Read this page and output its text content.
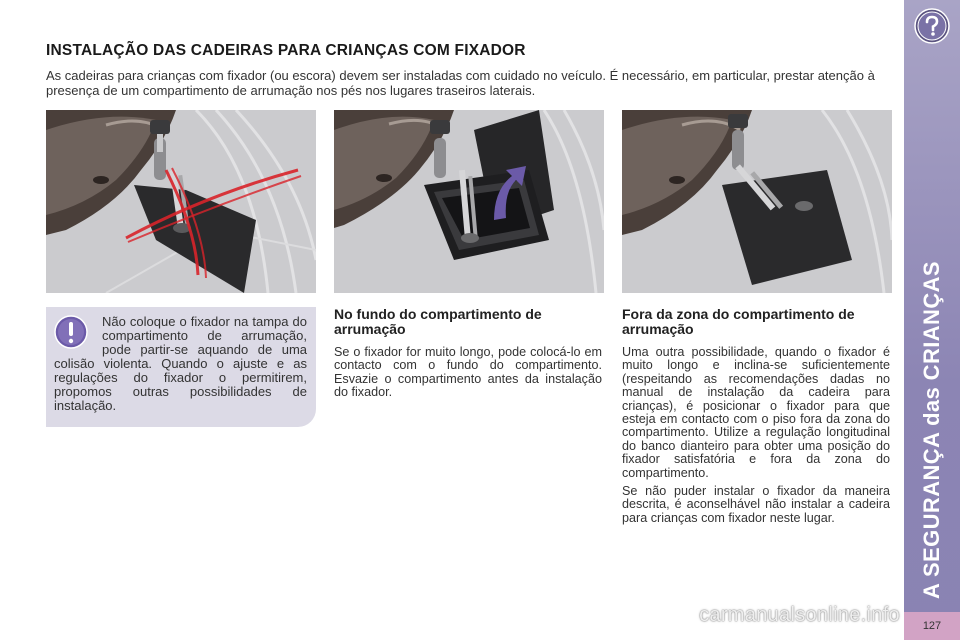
INSTALAÇÃO DAS CADEIRAS PARA CRIANÇAS COM FIXADOR
As cadeiras para crianças com fixador (ou escora) devem ser instaladas com cuidado no veículo. É necessário, em particular, prestar atenção à presença de um compartimento de arrumação nos pés nos lugares traseiros laterais.
Não coloque o fixador na tampa do compartimento de arrumação, pode partir-se aquando de uma colisão violenta. Quando o ajuste e as regulações do fixador o permitirem, propomos outras possibilidades de instalação.
No fundo do compartimento de arrumação

Se o fixador for muito longo, pode colocá-lo em contacto com o fundo do compartimento. Esvazie o compartimento antes da instalação do fixador.

Fora da zona do compartimento de arrumação

Uma outra possibilidade, quando o fixador é muito longo e inclina-se suficientemente (respeitando as recomendações dadas no manual de instalação da cadeira para crianças), é posicionar o fixador para que esteja em contacto com o piso fora da zona do compartimento. Utilize a regulação longitudinal do banco dianteiro para obter uma posição do fixador satisfatória e fora da zona do compartimento.

Se não puder instalar o fixador da maneira descrita, é aconselhável não instalar a cadeira para crianças com fixador neste lugar.	A SEGURANÇA das CRIANÇAS
127
carmanualsonline.info
